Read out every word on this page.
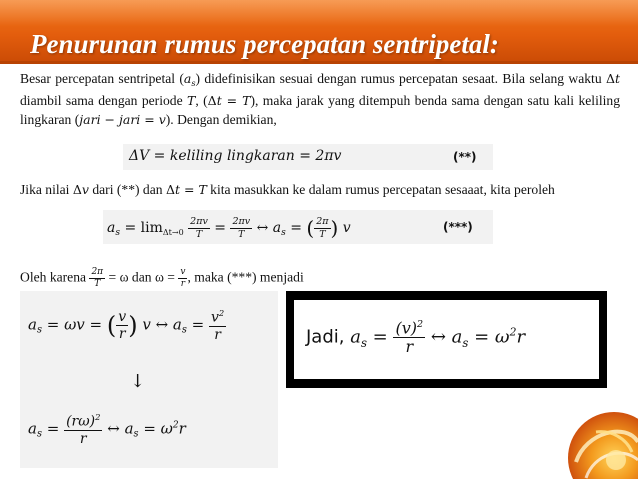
Penurunan rumus percepatan sentripetal:
Besar percepatan sentripetal $(a_s)$ didefinisikan sesuai dengan rumus percepatan sesaat. Bila selang waktu Δt diambil sama dengan periode T, (Δt = T), maka jarak yang ditempuh benda sama dengan satu kali keliling lingkaran (jari − jari = v). Dengan demikian,
ΔV = keliling lingkaran = 2πv	(**)
Jika nilai Δv dari (**) dan Δt = T kita masukkan ke dalam rumus percepatan sesaaat, kita peroleh
$a_s = \lim_{\Delta t\to 0} \frac{2\pi v}{T} = \frac{2\pi v}{T}$ ↔ $a_s$ = ( $\frac{2\pi}{T}$ ) v	(***)
Oleh karena $\frac{2\pi}{T} = \omega$ dan $\omega = \frac{v}{r}$ , maka (***) menjadi
$a_s = \omega v$ = ( $\frac{v}{r}$ ) v ↔ $a_s = \frac{v^2}{r}$
↓
$a_s = \frac{(r\omega)^2}{r}$ ↔ $a_s = \omega^2r$
Jadi, $a_s = \frac{(v)^2}{r}$ ↔ $a_s = \omega^2r$
